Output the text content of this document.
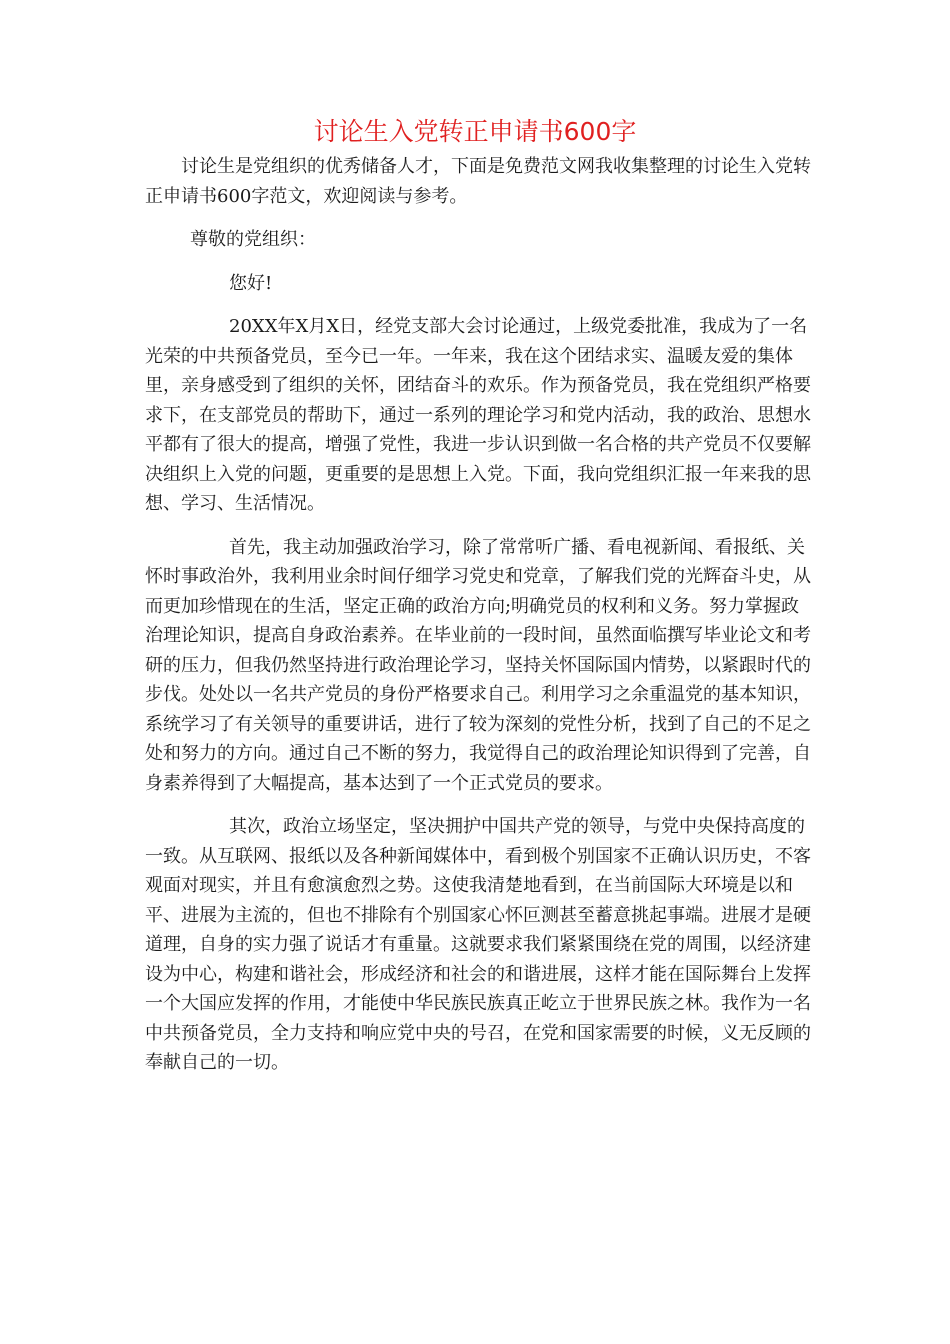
讨论生入党转正申请书600字

讨论生是党组织的优秀储备人才，下面是免费范文网我收集整理的讨论生入党转正申请书600字范文，欢迎阅读与参考。

尊敬的党组织：

您好!

20XX年X月X日，经党支部大会讨论通过，上级党委批准，我成为了一名光荣的中共预备党员，至今已一年。一年来，我在这个团结求实、温暖友爱的集体里，亲身感受到了组织的关怀，团结奋斗的欢乐。作为预备党员，我在党组织严格要求下，在支部党员的帮助下，通过一系列的理论学习和党内活动，我的政治、思想水平都有了很大的提高，增强了党性，我进一步认识到做一名合格的共产党员不仅要解决组织上入党的问题，更重要的是思想上入党。下面，我向党组织汇报一年来我的思想、学习、生活情况。

首先，我主动加强政治学习，除了常常听广播、看电视新闻、看报纸、关怀时事政治外，我利用业余时间仔细学习党史和党章，了解我们党的光辉奋斗史，从而更加珍惜现在的生活，坚定正确的政治方向;明确党员的权利和义务。努力掌握政治理论知识，提高自身政治素养。在毕业前的一段时间，虽然面临撰写毕业论文和考研的压力，但我仍然坚持进行政治理论学习，坚持关怀国际国内情势，以紧跟时代的步伐。处处以一名共产党员的身份严格要求自己。利用学习之余重温党的基本知识，系统学习了有关领导的重要讲话，进行了较为深刻的党性分析，找到了自己的不足之处和努力的方向。通过自己不断的努力，我觉得自己的政治理论知识得到了完善，自身素养得到了大幅提高，基本达到了一个正式党员的要求。

其次，政治立场坚定，坚决拥护中国共产党的领导，与党中央保持高度的一致。从互联网、报纸以及各种新闻媒体中，看到极个别国家不正确认识历史，不客观面对现实，并且有愈演愈烈之势。这使我清楚地看到，在当前国际大环境是以和平、进展为主流的，但也不排除有个别国家心怀叵测甚至蓄意挑起事端。进展才是硬道理，自身的实力强了说话才有重量。这就要求我们紧紧围绕在党的周围，以经济建设为中心，构建和谐社会，形成经济和社会的和谐进展，这样才能在国际舞台上发挥一个大国应发挥的作用，才能使中华民族民族真正屹立于世界民族之林。我作为一名中共预备党员，全力支持和响应党中央的号召，在党和国家需要的时候，义无反顾的奉献自己的一切。
